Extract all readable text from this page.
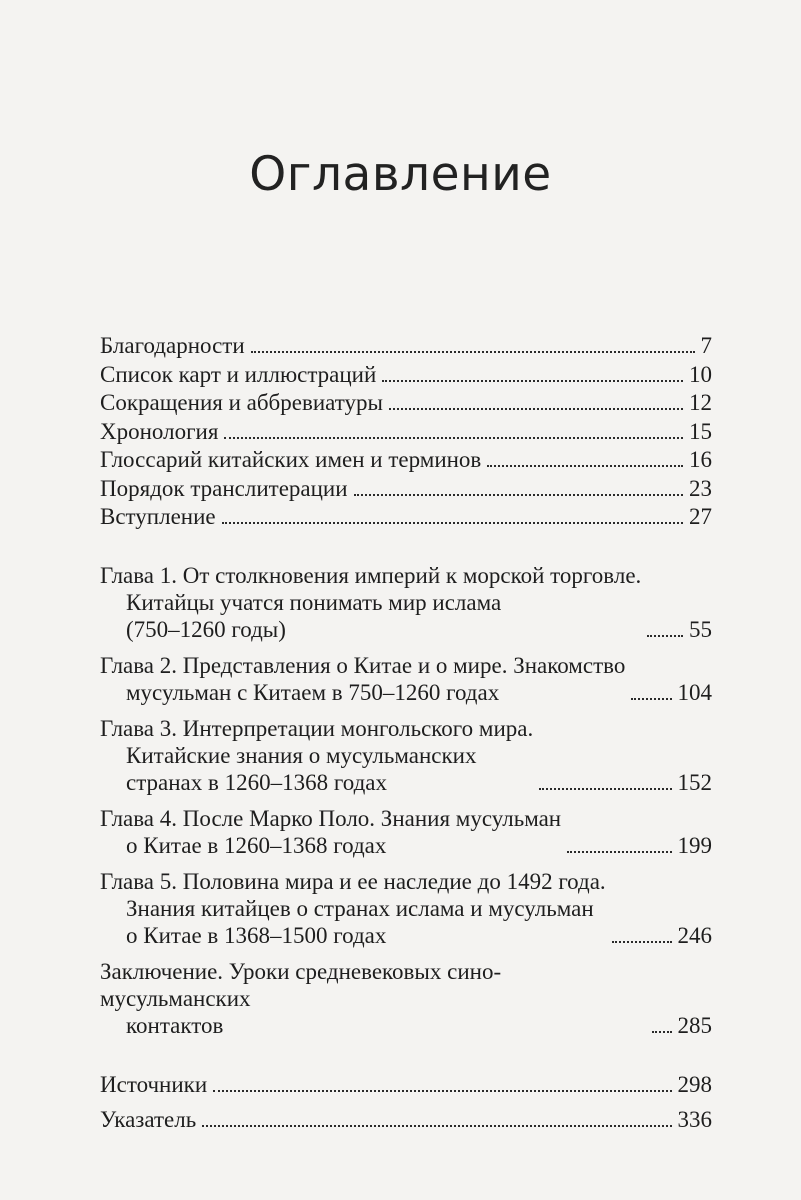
Оглавление
Благодарности	7
Список карт и иллюстраций	10
Сокращения и аббревиатуры	12
Хронология	15
Глоссарий китайских имен и терминов	16
Порядок транслитерации	23
Вступление	27
Глава 1. От столкновения империй к морской торговле.
Китайцы учатся понимать мир ислама
(750–1260 годы)	55
Глава 2. Представления о Китае и о мире. Знакомство
мусульман с Китаем в 750–1260 годах	104
Глава 3. Интерпретации монгольского мира.
Китайские знания о мусульманских
странах в 1260–1368 годах	152
Глава 4. После Марко Поло. Знания мусульман
о Китае в 1260–1368 годах	199
Глава 5. Половина мира и ее наследие до 1492 года.
Знания китайцев о странах ислама и мусульман
о Китае в 1368–1500 годах	246
Заключение. Уроки средневековых сино-мусульманских
контактов	285
Источники	298
Указатель	336
